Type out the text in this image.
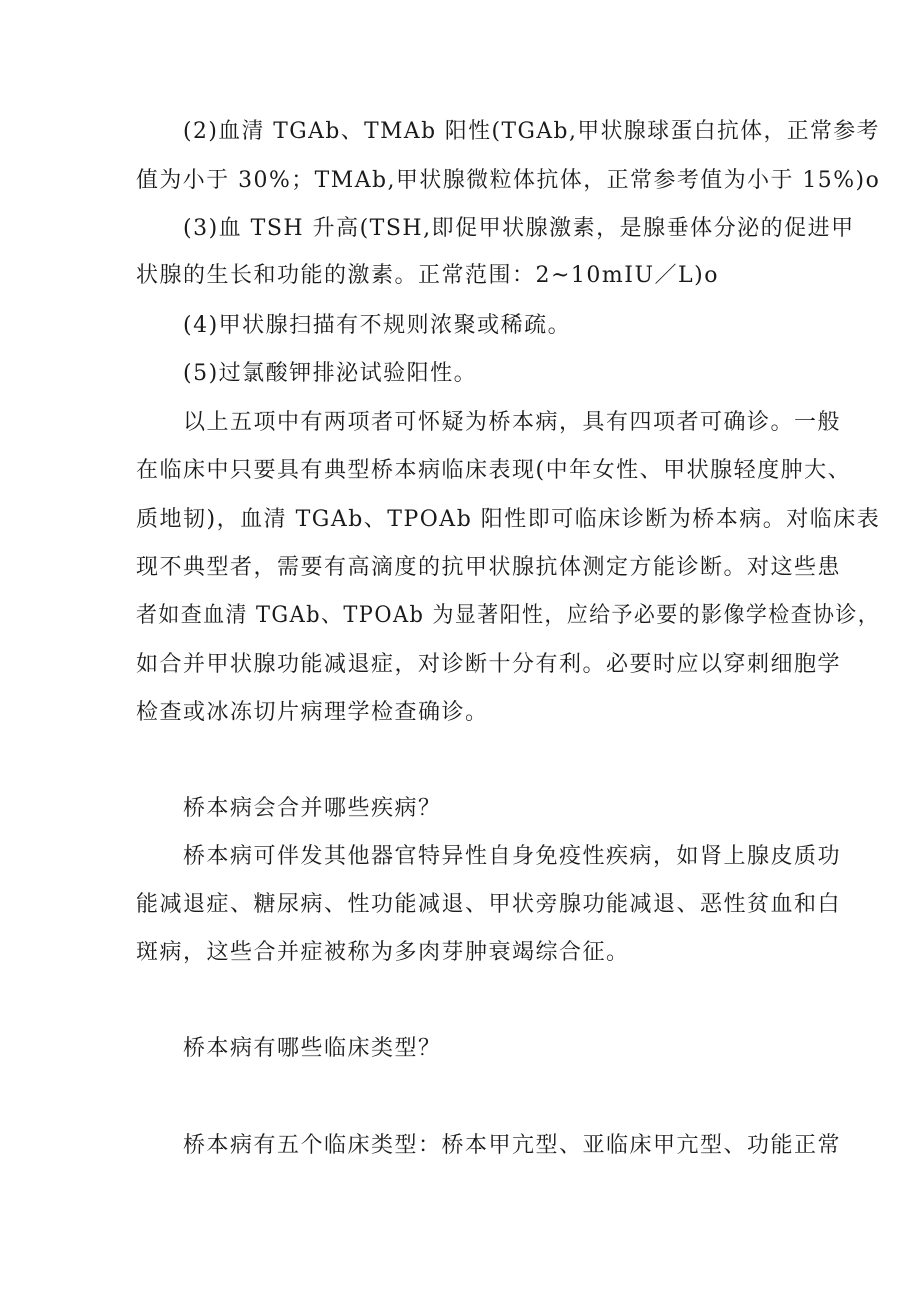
(2)血清 TGAb、TMAb 阳性(TGAb,甲状腺球蛋白抗体，正常参考
值为小于 30%；TMAb,甲状腺微粒体抗体，正常参考值为小于 15%)o
(3)血 TSH 升高(TSH,即促甲状腺激素，是腺垂体分泌的促进甲
状腺的生长和功能的激素。正常范围：2~10mIU／L)o
(4)甲状腺扫描有不规则浓聚或稀疏。
(5)过氯酸钾排泌试验阳性。
以上五项中有两项者可怀疑为桥本病，具有四项者可确诊。一般
在临床中只要具有典型桥本病临床表现(中年女性、甲状腺轻度肿大、
质地韧)，血清 TGAb、TPOAb 阳性即可临床诊断为桥本病。对临床表
现不典型者，需要有高滴度的抗甲状腺抗体测定方能诊断。对这些患
者如查血清 TGAb、TPOAb 为显著阳性，应给予必要的影像学检查协诊，
如合并甲状腺功能减退症，对诊断十分有利。必要时应以穿刺细胞学
检查或冰冻切片病理学检查确诊。
桥本病会合并哪些疾病？
桥本病可伴发其他器官特异性自身免疫性疾病，如肾上腺皮质功
能减退症、糖尿病、性功能减退、甲状旁腺功能减退、恶性贫血和白
斑病，这些合并症被称为多肉芽肿衰竭综合征。
桥本病有哪些临床类型？
桥本病有五个临床类型：桥本甲亢型、亚临床甲亢型、功能正常
